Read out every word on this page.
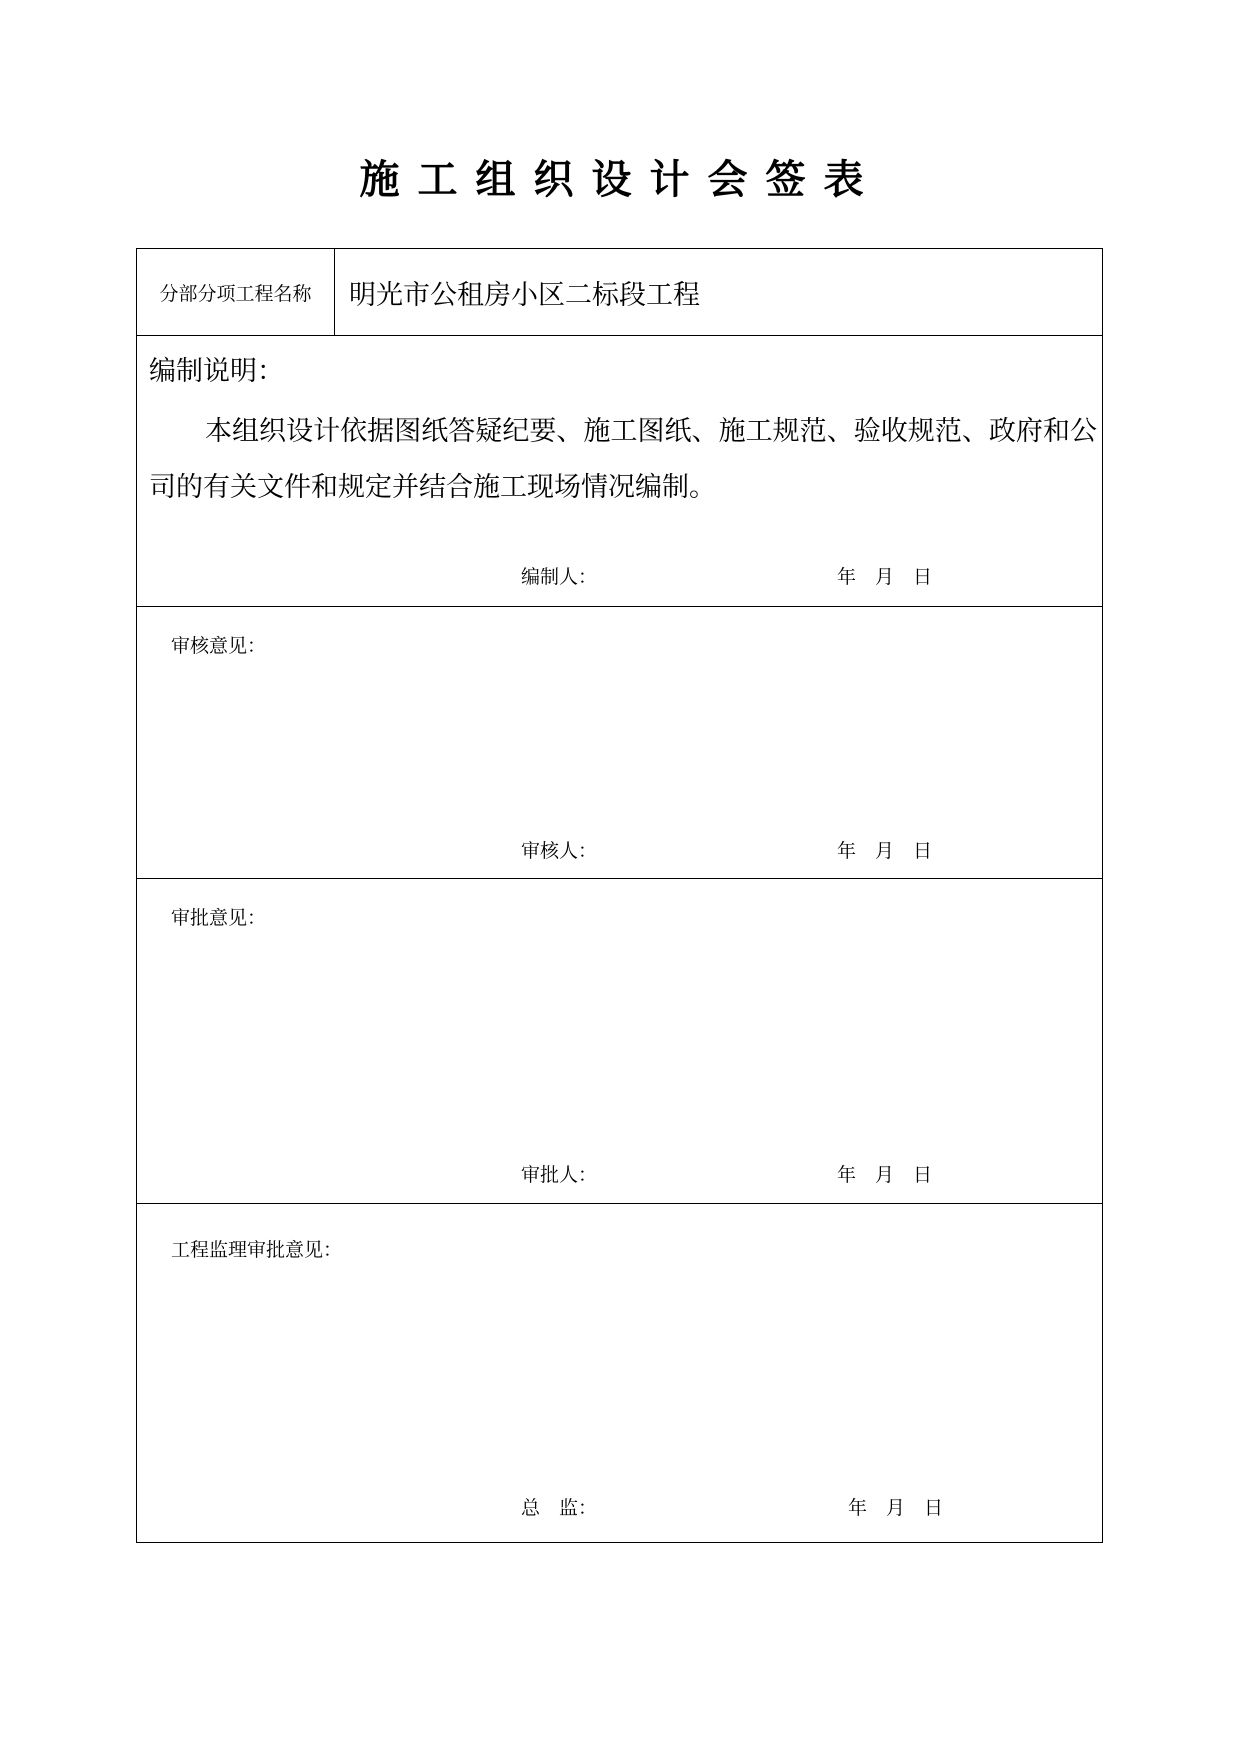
施工组织设计会签表
分部分项工程名称	明光市公租房小区二标段工程
编制说明：
本组织设计依据图纸答疑纪要、施工图纸、施工规范、验收规范、政府和公司的有关文件和规定并结合施工现场情况编制。
编制人：	年　月　日
审核意见：
审核人：	年　月　日
审批意见：
审批人：	年　月　日
工程监理审批意见：
总　监：	年　月　日
